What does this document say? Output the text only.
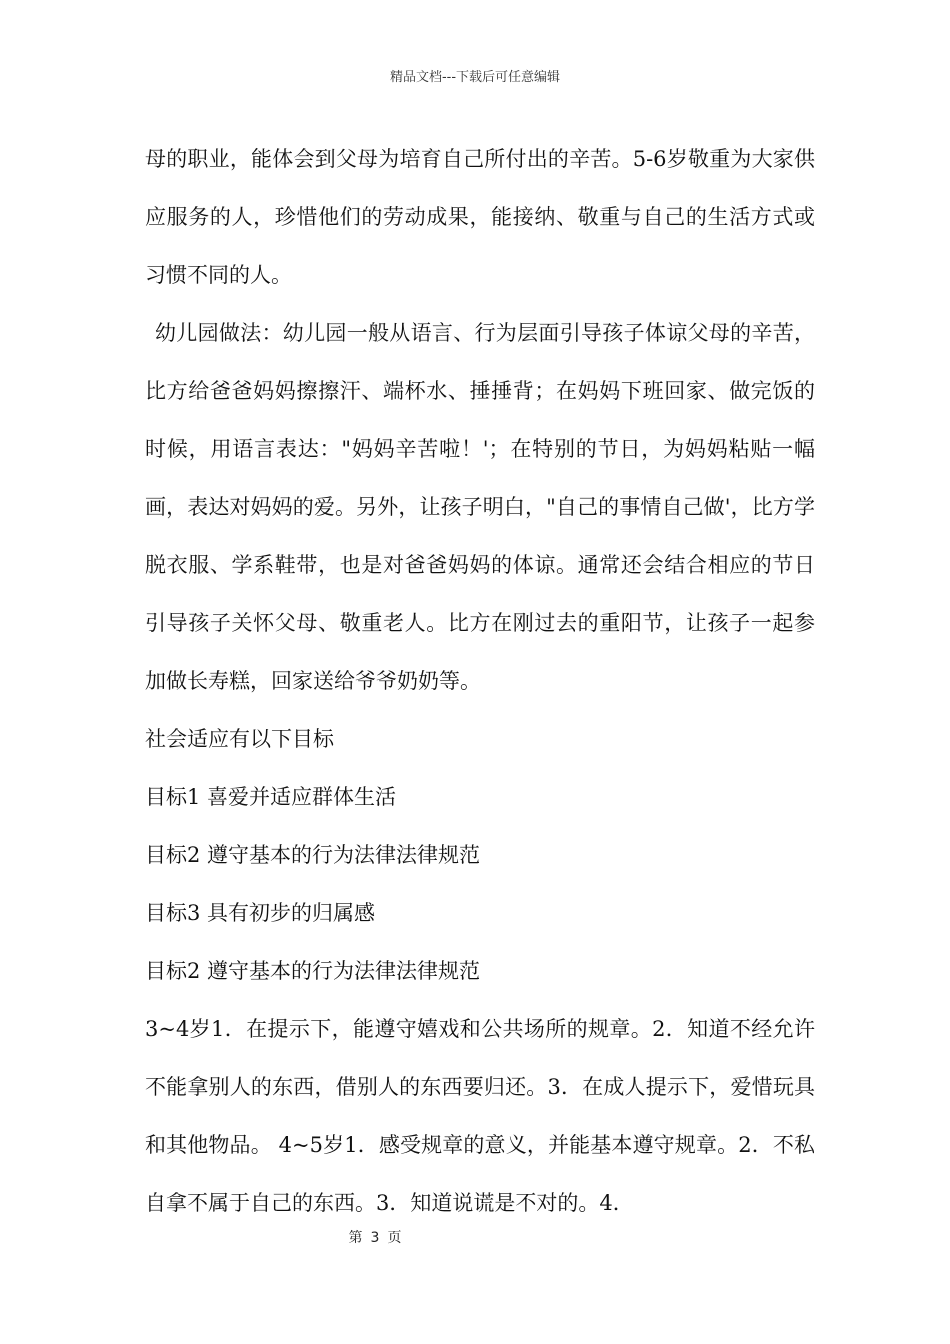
精品文档---下载后可任意编辑

母的职业，能体会到父母为培育自己所付出的辛苦。5-6岁敬重为大家供应服务的人，珍惜他们的劳动成果，能接纳、敬重与自己的生活方式或习惯不同的人。

幼儿园做法：幼儿园一般从语言、行为层面引导孩子体谅父母的辛苦，比方给爸爸妈妈擦擦汗、端杯水、捶捶背；在妈妈下班回家、做完饭的时候，用语言表达："妈妈辛苦啦！'；在特别的节日，为妈妈粘贴一幅画，表达对妈妈的爱。另外，让孩子明白，"自己的事情自己做'，比方学脱衣服、学系鞋带，也是对爸爸妈妈的体谅。通常还会结合相应的节日引导孩子关怀父母、敬重老人。比方在刚过去的重阳节，让孩子一起参加做长寿糕，回家送给爷爷奶奶等。

社会适应有以下目标

目标1 喜爱并适应群体生活

目标2 遵守基本的行为法律法律规范

目标3 具有初步的归属感

目标2 遵守基本的行为法律法律规范

3~4岁1．在提示下，能遵守嬉戏和公共场所的规章。2．知道不经允许不能拿别人的东西，借别人的东西要归还。3．在成人提示下，爱惜玩具和其他物品。 4~5岁1．感受规章的意义，并能基本遵守规章。2．不私自拿不属于自己的东西。3．知道说谎是不对的。4．

第 3 页
